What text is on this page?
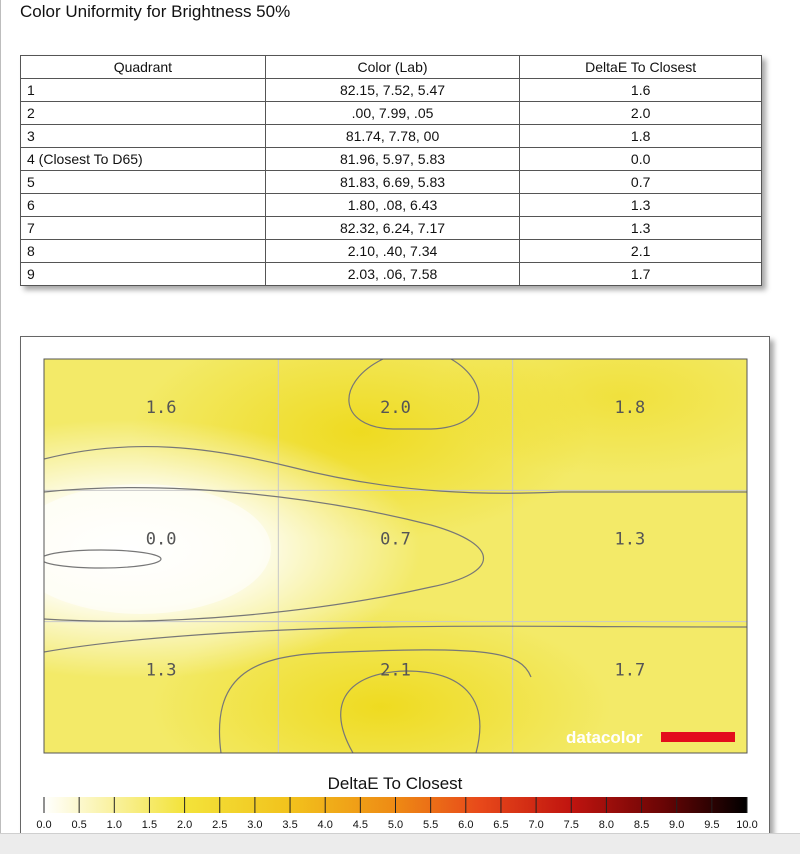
Color Uniformity for Brightness 50%
Quadrant	Color (Lab)	DeltaE To Closest
1	82.15, 7.52, 5.47	1.6
2	.00, 7.99, .05	2.0
3	81.74, 7.78, 00	1.8
4 (Closest To D65)	81.96, 5.97, 5.83	0.0
5	81.83, 6.69, 5.83	0.7
6	1.80, .08, 6.43	1.3
7	82.32, 6.24, 7.17	1.3
8	2.10, .40, 7.34	2.1
9	2.03, .06, 7.58	1.7
1.6	2.0	1.8
0.0	0.7	1.3
1.3	2.1	1.7
datacolor
DeltaE To Closest
0.0 0.5 1.0 1.5 2.0 2.5 3.0 3.5 4.0 4.5 5.0 5.5 6.0 6.5 7.0 7.5 8.0 8.5 9.0 9.5 10.0
